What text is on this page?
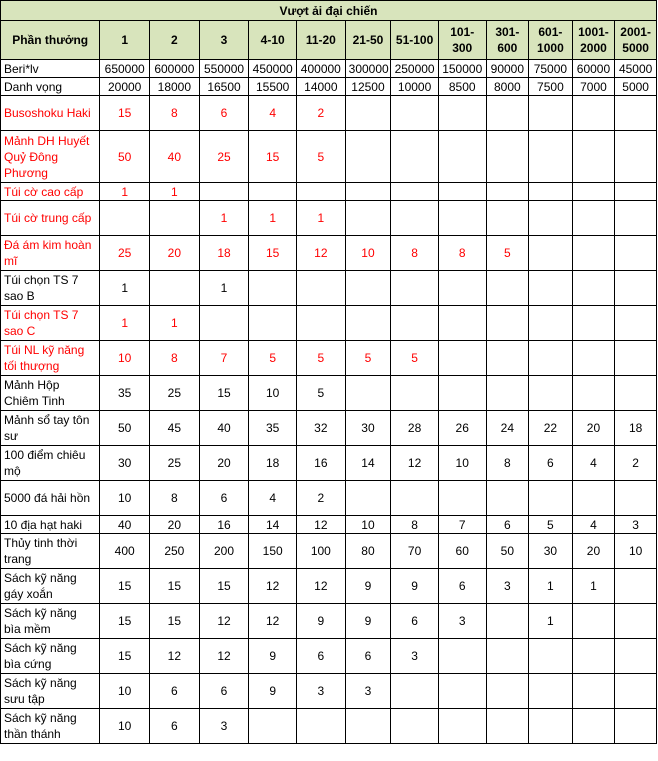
Vượt ải đại chiến												
Phần thưởng	1	2	3	4-10	11-20	21-50	51-100	101-300	301-600	601-1000	1001-2000	2001-5000
Beri*lv	650000	600000	550000	450000	400000	300000	250000	150000	90000	75000	60000	45000
Danh vọng	20000	18000	16500	15500	14000	12500	10000	8500	8000	7500	7000	5000
Busoshoku Haki	15	8	6	4	2							
Mảnh DH Huyết Quỷ Đông Phương	50	40	25	15	5							
Túi cờ cao cấp	1	1										
Túi cờ trung cấp			1	1	1							
Đá ám kim hoàn mĩ	25	20	18	15	12	10	8	8	5			
Túi chọn TS 7 sao B	1		1									
Túi chọn TS 7 sao C	1	1										
Túi NL kỹ năng tối thượng	10	8	7	5	5	5	5					
Mảnh Hộp Chiêm Tinh	35	25	15	10	5							
Mảnh sổ tay tôn sư	50	45	40	35	32	30	28	26	24	22	20	18
100 điểm chiêu mộ	30	25	20	18	16	14	12	10	8	6	4	2
5000 đá hải hồn	10	8	6	4	2							
10 địa hạt haki	40	20	16	14	12	10	8	7	6	5	4	3
Thủy tinh thời trang	400	250	200	150	100	80	70	60	50	30	20	10
Sách kỹ năng gáy xoắn	15	15	15	12	12	9	9	6	3	1	1	
Sách kỹ năng bìa mềm	15	15	12	12	9	9	6	3		1		
Sách kỹ năng bìa cứng	15	12	12	9	6	6	3					
Sách kỹ năng sưu tập	10	6	6	9	3	3						
Sách kỹ năng thần thánh	10	6	3									
